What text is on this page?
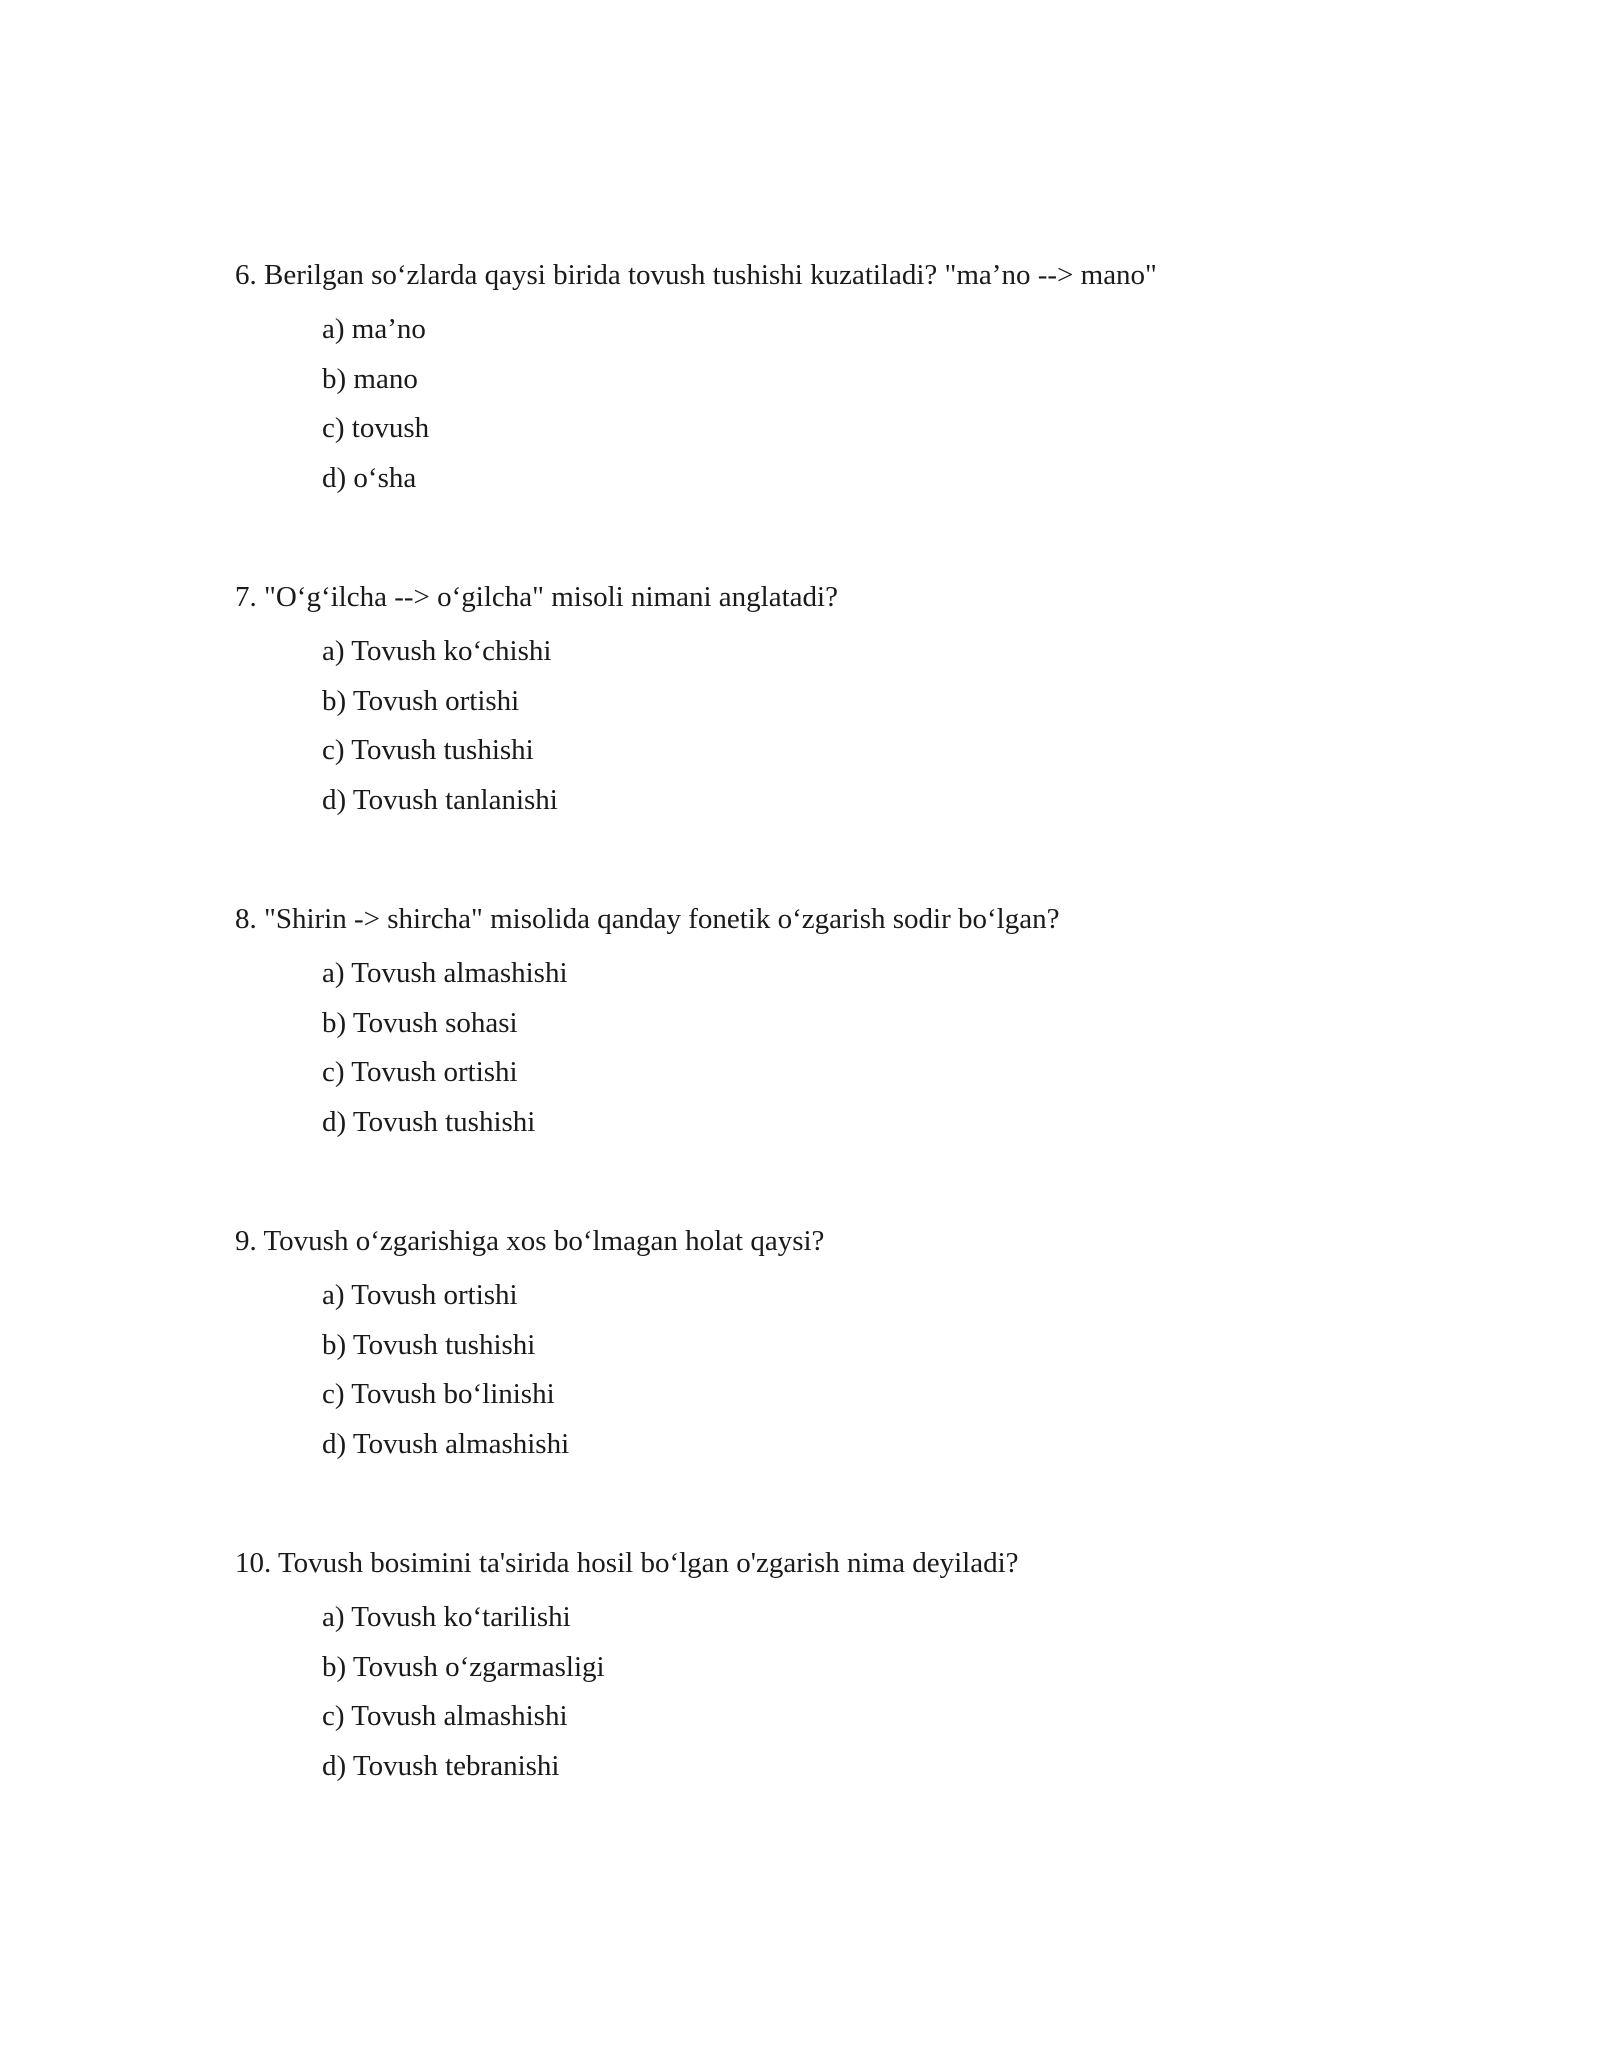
6. Berilgan so‘zlarda qaysi birida tovush tushishi kuzatiladi? "ma’no --> mano"
a) ma’no
b) mano
c) tovush
d) o‘sha
7. "O‘g‘ilcha --> o‘gilcha" misoli nimani anglatadi?
a) Tovush ko‘chishi
b) Tovush ortishi
c) Tovush tushishi
d) Tovush tanlanishi
8. "Shirin -> shircha" misolida qanday fonetik o‘zgarish sodir bo‘lgan?
a) Tovush almashishi
b) Tovush sohasi
c) Tovush ortishi
d) Tovush tushishi
9. Tovush o‘zgarishiga xos bo‘lmagan holat qaysi?
a) Tovush ortishi
b) Tovush tushishi
c) Tovush bo‘linishi
d) Tovush almashishi
10. Tovush bosimini ta'sirida hosil bo‘lgan o'zgarish nima deyiladi?
a) Tovush ko‘tarilishi
b) Tovush o‘zgarmasligi
c) Tovush almashishi
d) Tovush tebranishi
